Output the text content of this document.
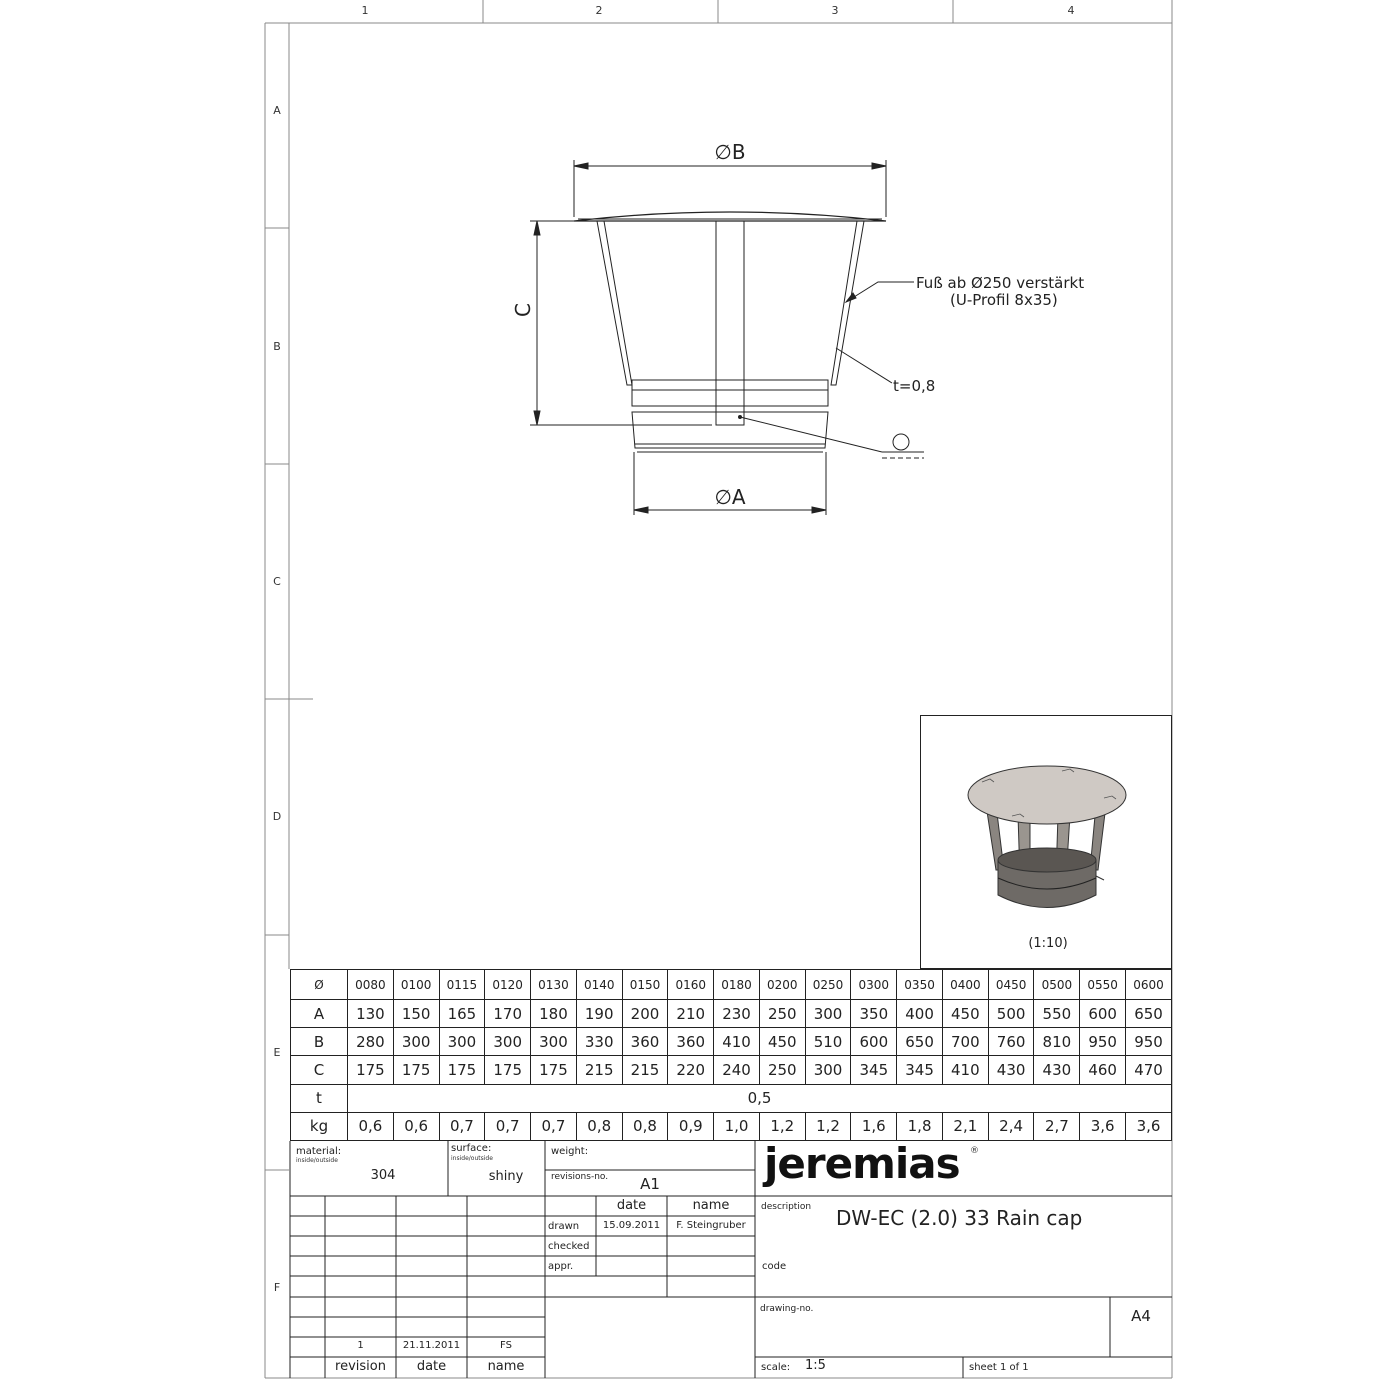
1	2	3	4
A
B
C
D
E
F
∅B
∅A
C
Fuß ab Ø250 verstärkt
(U-Profil 8x35)
t=0,8
(1:10)
Ø	0080	0100	0115	0120	0130	0140	0150	0160	0180	0200	0250	0300	0350	0400	0450	0500	0550	0600
A	130	150	165	170	180	190	200	210	230	250	300	350	400	450	500	550	600	650
B	280	300	300	300	300	330	360	360	410	450	510	600	650	700	760	810	950	950
C	175	175	175	175	175	215	215	220	240	250	300	345	345	410	430	430	460	470
t	0,5																	
kg	0,6	0,6	0,7	0,7	0,7	0,8	0,8	0,9	1,0	1,2	1,2	1,6	1,8	2,1	2,4	2,7	3,6	3,6
material:
inside/outside
304
surface:
inside/outside
shiny
weight:
revisions-no.	A1
date	name
drawn	15.09.2011	F. Steingruber
checked
appr.
jeremias ®
description DW-EC (2.0) 33 Rain cap
code
drawing-no.	A4
scale: 1:5	sheet 1 of 1
1	21.11.2011	FS
revision	date	name
